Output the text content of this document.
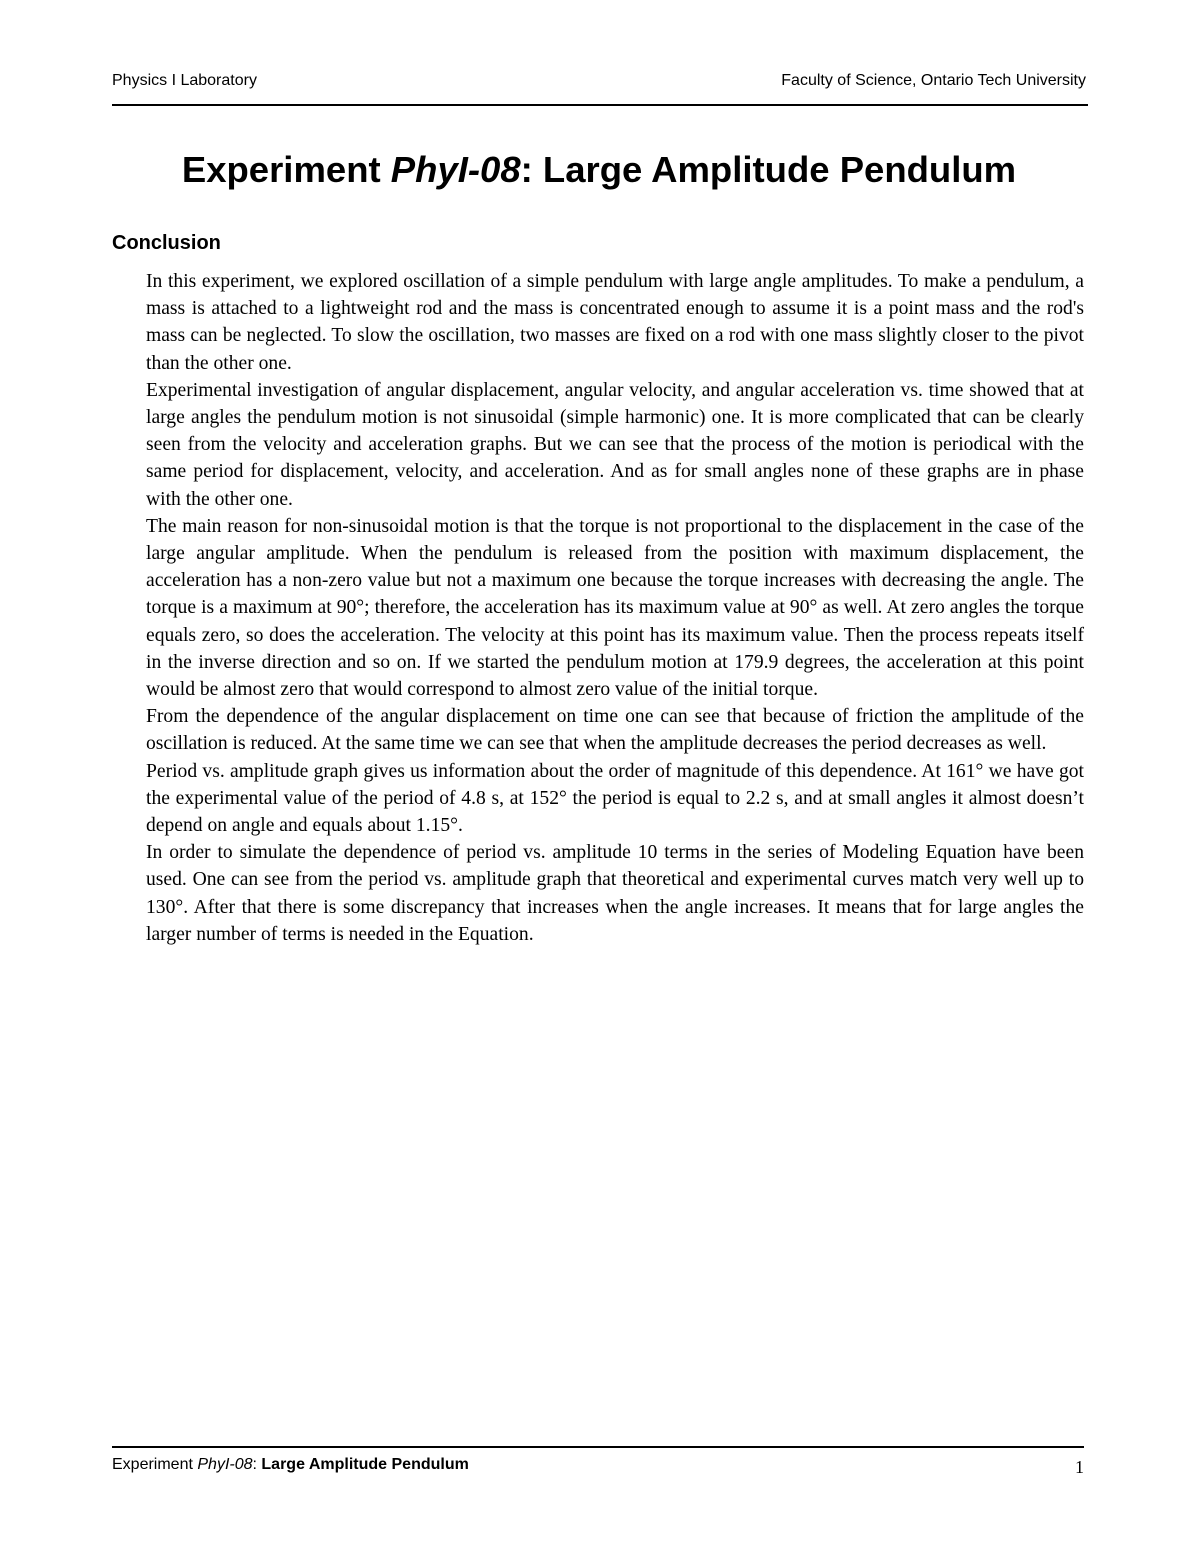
Physics I Laboratory	Faculty of Science, Ontario Tech University
Experiment PhyI-08: Large Amplitude Pendulum
Conclusion

In this experiment, we explored oscillation of a simple pendulum with large angle amplitudes. To make a pendulum, a mass is attached to a lightweight rod and the mass is concentrated enough to assume it is a point mass and the rod's mass can be neglected. To slow the oscillation, two masses are fixed on a rod with one mass slightly closer to the pivot than the other one.

Experimental investigation of angular displacement, angular velocity, and angular acceleration vs. time showed that at large angles the pendulum motion is not sinusoidal (simple harmonic) one. It is more complicated that can be clearly seen from the velocity and acceleration graphs. But we can see that the process of the motion is periodical with the same period for displacement, velocity, and acceleration. And as for small angles none of these graphs are in phase with the other one.

The main reason for non-sinusoidal motion is that the torque is not proportional to the displacement in the case of the large angular amplitude. When the pendulum is released from the position with maximum displacement, the acceleration has a non-zero value but not a maximum one because the torque increases with decreasing the angle. The torque is a maximum at 90°; therefore, the acceleration has its maximum value at 90° as well. At zero angles the torque equals zero, so does the acceleration. The velocity at this point has its maximum value. Then the process repeats itself in the inverse direction and so on. If we started the pendulum motion at 179.9 degrees, the acceleration at this point would be almost zero that would correspond to almost zero value of the initial torque.

From the dependence of the angular displacement on time one can see that because of friction the amplitude of the oscillation is reduced. At the same time we can see that when the amplitude decreases the period decreases as well.

Period vs. amplitude graph gives us information about the order of magnitude of this dependence. At 161° we have got the experimental value of the period of 4.8 s, at 152° the period is equal to 2.2 s, and at small angles it almost doesn’t depend on angle and equals about 1.15°.

In order to simulate the dependence of period vs. amplitude 10 terms in the series of Modeling Equation have been used. One can see from the period vs. amplitude graph that theoretical and experimental curves match very well up to 130°. After that there is some discrepancy that increases when the angle increases. It means that for large angles the larger number of terms is needed in the Equation.

Experiment PhyI-08: Large Amplitude Pendulum	1
